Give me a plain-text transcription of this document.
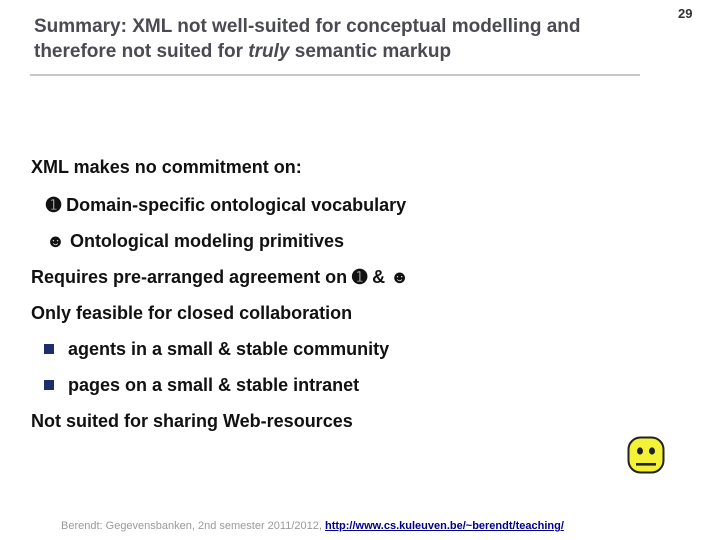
29
Summary: XML not well-suited for conceptual modelling and
therefore not suited for truly semantic markup
XML makes no commitment on:
➊ Domain-specific ontological vocabulary
☻ Ontological modeling primitives
Requires pre-arranged agreement on ➊ & ☻
Only feasible for closed collaboration
agents in a small & stable community
pages on a small & stable intranet
Not suited for sharing Web-resources
Berendt: Gegevensbanken, 2nd semester 2011/2012, http://www.cs.kuleuven.be/~berendt/teaching/
